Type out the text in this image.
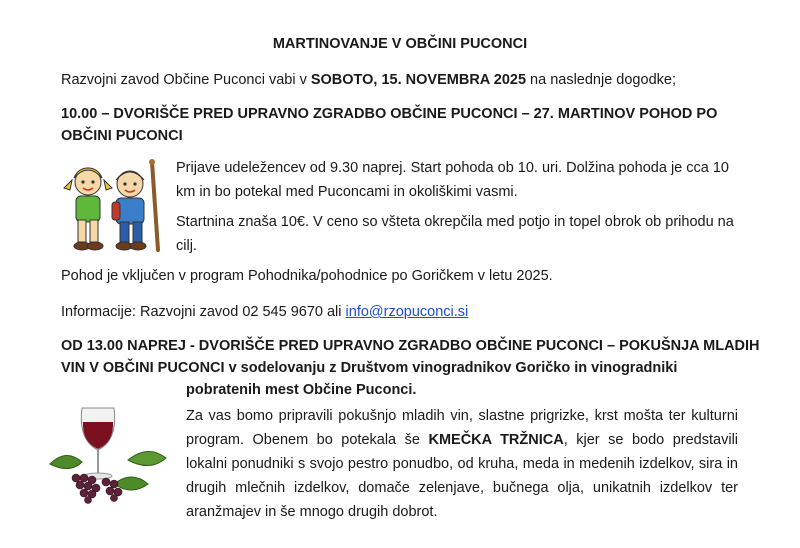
MARTINOVANJE V OBČINI PUCONCI
Razvojni zavod Občine Puconci vabi v SOBOTO, 15. NOVEMBRA 2025 na naslednje dogodke;
10.00 – DVORIŠČE PRED UPRAVNO ZGRADBO OBČINE PUCONCI – 27. MARTINOV POHOD PO
OBČINI PUCONCI
Prijave udeležencev od 9.30 naprej. Start pohoda ob 10. uri. Dolžina pohoda je cca 10 km in bo potekal med Puconcami in okoliškimi vasmi.
Startnina znaša 10€. V ceno so všteta okrepčila med potjo in topel obrok ob prihodu na cilj.
Pohod je vključen v program Pohodnika/pohodnice po Goričkem v letu 2025.
Informacije: Razvojni zavod 02 545 9670 ali info@rzopuconci.si
OD 13.00 NAPREJ - DVORIŠČE PRED UPRAVNO ZGRADBO OBČINE PUCONCI – POKUŠNJA MLADIH
VIN V OBČINI PUCONCI v sodelovanju z Društvom vinogradnikov Goričko in vinogradniki
pobratenih mest Občine Puconci.
Za vas bomo pripravili pokušnjo mladih vin, slastne prigrizke, krst mošta ter kulturni program. Obenem bo potekala še KMEČKA TRŽNICA, kjer se bodo predstavili lokalni ponudniki s svojo pestro ponudbo, od kruha, meda in medenih izdelkov, sira in drugih mlečnih izdelkov, domače zelenjave, bučnega olja, unikatnih izdelkov ter aranžmajev in še mnogo drugih dobrot.
